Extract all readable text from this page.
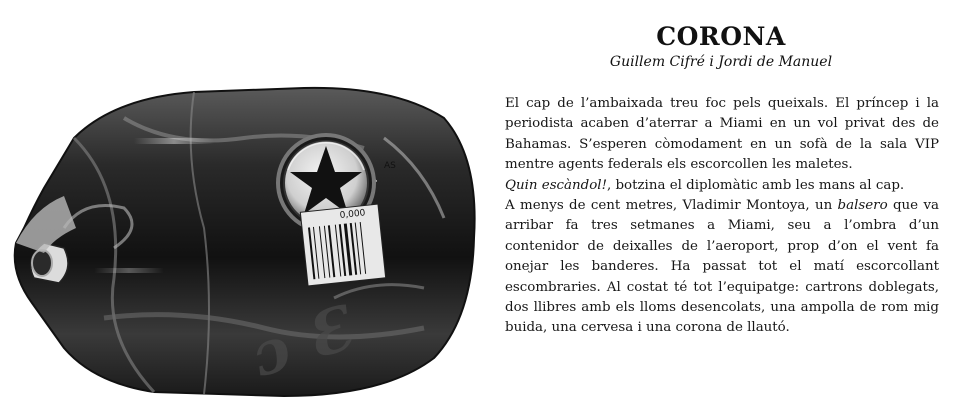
ɔ Ɛ
0,000
AS
CORONA

Guillem Cifré i Jordi de Manuel

El cap de l’ambaixada treu foc pels queixals. El príncep i la periodista acaben d’aterrar a Miami en un vol privat des de Bahamas. S’esperen còmodament en un sofà de la sala VIP mentre agents federals els escorcollen les maletes.

Quin escàndol!, botzina el diplomàtic amb les mans al cap.

A menys de cent metres, Vladimir Montoya, un balsero que va arribar fa tres setmanes a Miami, seu a l’ombra d’un contenidor de deixalles de l’aeroport, prop d’on el vent fa onejar les banderes. Ha passat tot el matí escorcollant escombraries. Al costat té tot l’equipatge: cartrons doblegats, dos llibres amb els lloms desencolats, una ampolla de rom mig buida, una cervesa i una corona de llautó.
